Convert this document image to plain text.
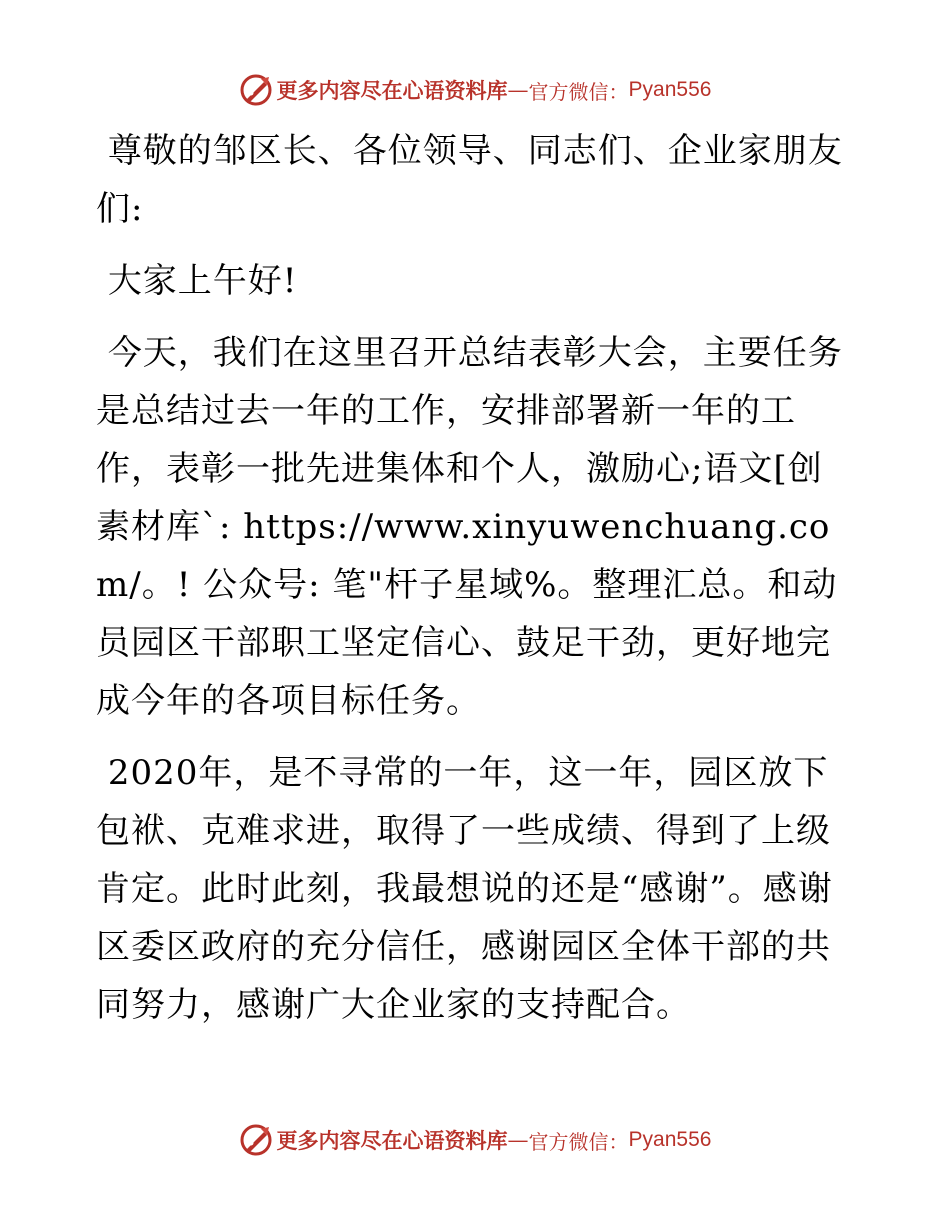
更多内容尽在心语资料库 — 官方微信： Pyan556

尊敬的邹区长、各位领导、同志们、企业家朋友们:

大家上午好!

今天，我们在这里召开总结表彰大会，主要任务是总结过去一年的工作，安排部署新一年的工作，表彰一批先进集体和个人，激励心;语文[创素材库`: https://www.xinyuwenchuang.com/。! 公众号: 笔"杆子星域%。整理汇总。和动员园区干部职工坚定信心、鼓足干劲，更好地完成今年的各项目标任务。

2020年，是不寻常的一年，这一年，园区放下包袱、克难求进，取得了一些成绩、得到了上级肯定。此时此刻，我最想说的还是“感谢”。感谢区委区政府的充分信任，感谢园区全体干部的共同努力，感谢广大企业家的支持配合。

更多内容尽在心语资料库 — 官方微信： Pyan556
